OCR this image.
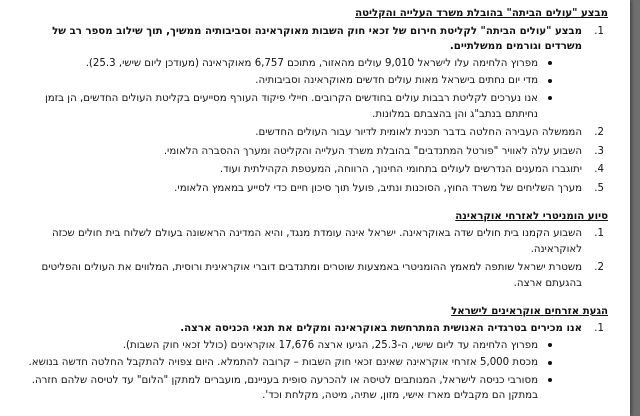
מבצע "עולים הביתה" בהובלת משרד העלייה והקליטה
1.
מבצע "עולים הביתה" לקליטת חירום של זכאי חוק השבות מאוקראינה וסביבותיה ממשיך, תוך שילוב מספר רב של משרדים וגורמים ממשלתיים.
מפרוץ הלחימה עלו לישראל 9,010 עולים מהאזור, מתוכם 6,757 מאוקראינה (מעודכן ליום שישי, 25.3).
מדי יום נחתים בישראל מאות עולים חדשים מאוקראינה וסביבותיה.
אנו נערכים לקליטת רבבות עולים בחודשים הקרובים. חיילי פיקוד העורף מסייעים בקליטת העולים החדשים, הן בזמן נחיתתם בנתב"ג והן בהצבתם במלונות.
2.
הממשלה העבירה החלטה בדבר תכנית לאומית לדיור עבור העולים החדשים.
3.
השבוע עלה לאוויר "פורטל המתנדבים" בהובלת משרד העלייה והקליטה ומערך ההסברה הלאומי.
4.
יתוגברו המענים הנדרשים לעולים בתחומי החינוך, הרווחה, המעטפת הקהילתית ועוד.
5.
מערך השליחים של משרד החוץ, הסוכנות ונתיב, פועל תוך סיכון חיים כדי לסייע במאמץ הלאומי.
סיוע הומניטרי לאזרחי אוקראינה
1.
השבוע הקמנו בית חולים שדה באוקראינה. ישראל אינה עומדת מנגד, והיא המדינה הראשונה בעולם לשלוח בית חולים שכזה לאוקראינה.
2.
משטרת ישראל שותפה למאמץ ההומניטרי באמצעות שוטרים ומתנדבים דוברי אוקראינית ורוסית, המלווים את העולים והפליטים בהגעתם ארצה.
הגעת אזרחים אוקראינים לישראל
1.
אנו מכירים בטרגדיה האנושית המתרחשת באוקראינה ומקלים את תנאי הכניסה ארצה.
מפרוץ הלחימה עד ליום שישי, ה-25.3, הגיעו ארצה 17,676 אוקראינים (כולל זכאי חוק השבות).
מכסת 5,000 אזרחי אוקראינה שאינם זכאי חוק השבות – קרובה להתמלא. היום צפויה להתקבל החלטה חדשה בנושא.
מסורבי כניסה לישראל, המנותבים לטיסה או להכרעה סופית בעניינם, מועברים למתקן "הלום" עד לטיסה שלהם חזרה. במתקן הם מקבלים מארז אישי, מזון, שתיה, מיטה, מקלחת וכד'.
